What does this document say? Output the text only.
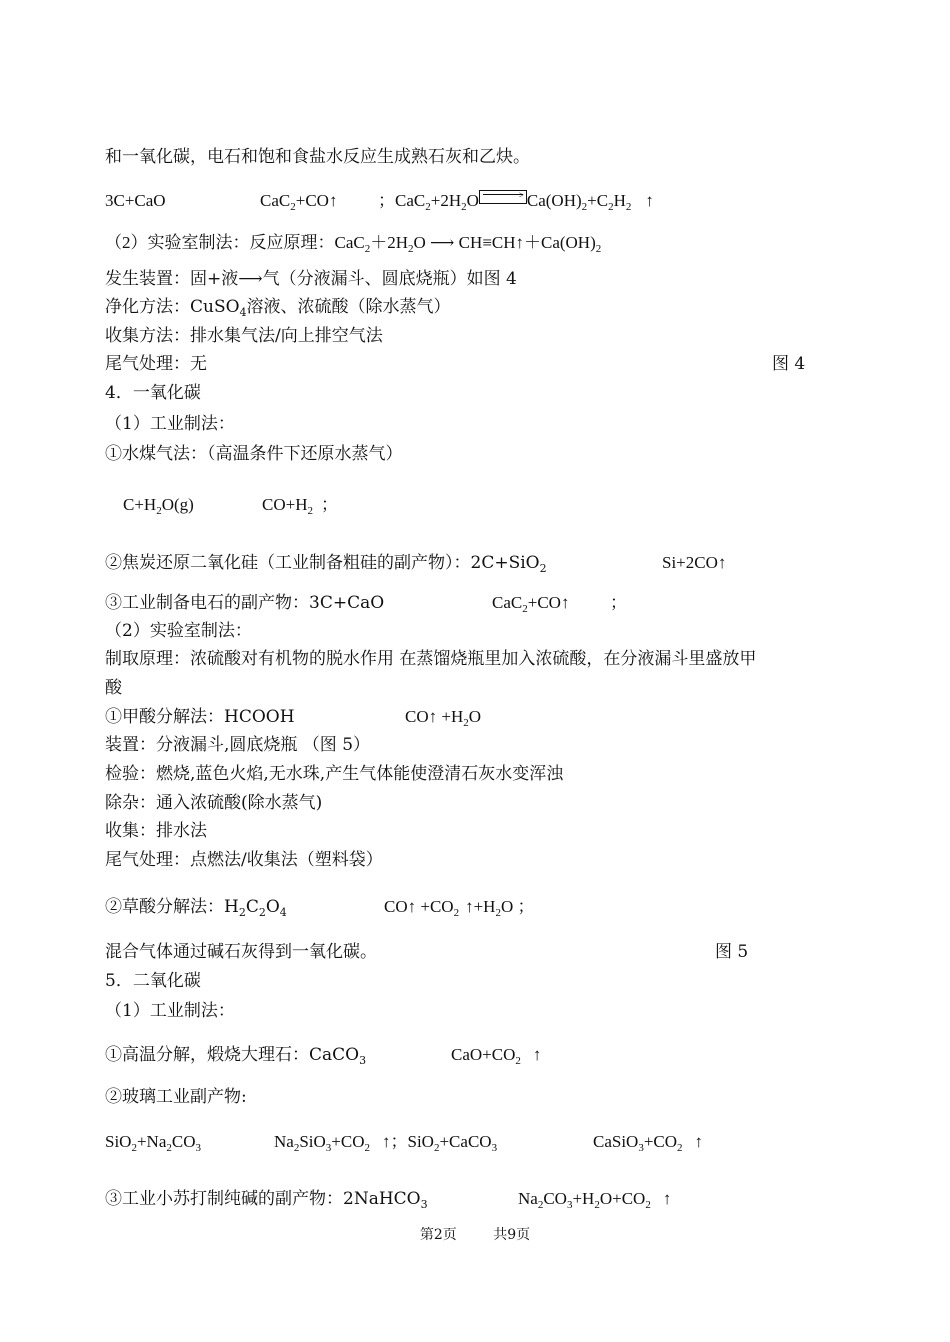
和一氧化碳，电石和饱和食盐水反应生成熟石灰和乙炔。
3C+CaO	CaC$_2$+CO↑ ；$CaC_2+2H_2O$	> $Ca(OH)_2+C_2H_2$ ↑
（2）实验室制法：反应原理：$CaC_2+2H_2O$ ⟶ $CH\equiv CH↑+Ca(OH)_2$
发生装置：固+液⟶气（分液漏斗、圆底烧瓶）如图 4
净化方法：CuSO$_4$溶液、浓硫酸（除水蒸气）
收集方法：排水集气法/向上排空气法
尾气处理：无	图 4
4．一氧化碳
（1）工业制法：
①水煤气法：（高温条件下还原水蒸气）
$C+H_2O(g)$	$CO+H_2$ ；
②焦炭还原二氧化硅（工业制备粗硅的副产物）：2C+SiO$_2$	Si+2CO↑
③工业制备电石的副产物：3C+CaO	CaC$_2$+CO↑ ；
（2）实验室制法：
制取原理：浓硫酸对有机物的脱水作用 在蒸馏烧瓶里加入浓硫酸，在分液漏斗里盛放甲
酸
①甲酸分解法：HCOOH	CO↑ $+H_2O$
装置：分液漏斗,圆底烧瓶 （图 5）
检验：燃烧,蓝色火焰,无水珠,产生气体能使澄清石灰水变浑浊
除杂：通入浓硫酸(除水蒸气)
收集：排水法
尾气处理：点燃法/收集法（塑料袋）
②草酸分解法：$H_2C_2O_4$	CO↑ $+CO_2$ $↑+H_2O$ ；
混合气体通过碱石灰得到一氧化碳。	图 5
5．二氧化碳
（1）工业制法：
①高温分解，煅烧大理石：CaCO$_3$	$CaO+CO_2$ ↑
②玻璃工业副产物:
$SiO_2+Na_2CO_3$	$Na_2SiO_3+CO_2$ ↑；SiO$_2$+CaCO$_3$	$CaSiO_3+CO_2$ ↑
③工业小苏打制纯碱的副产物：2NaHCO$_3$	$Na_2CO_3+H_2O+CO_2$ ↑
第2页	共9页
